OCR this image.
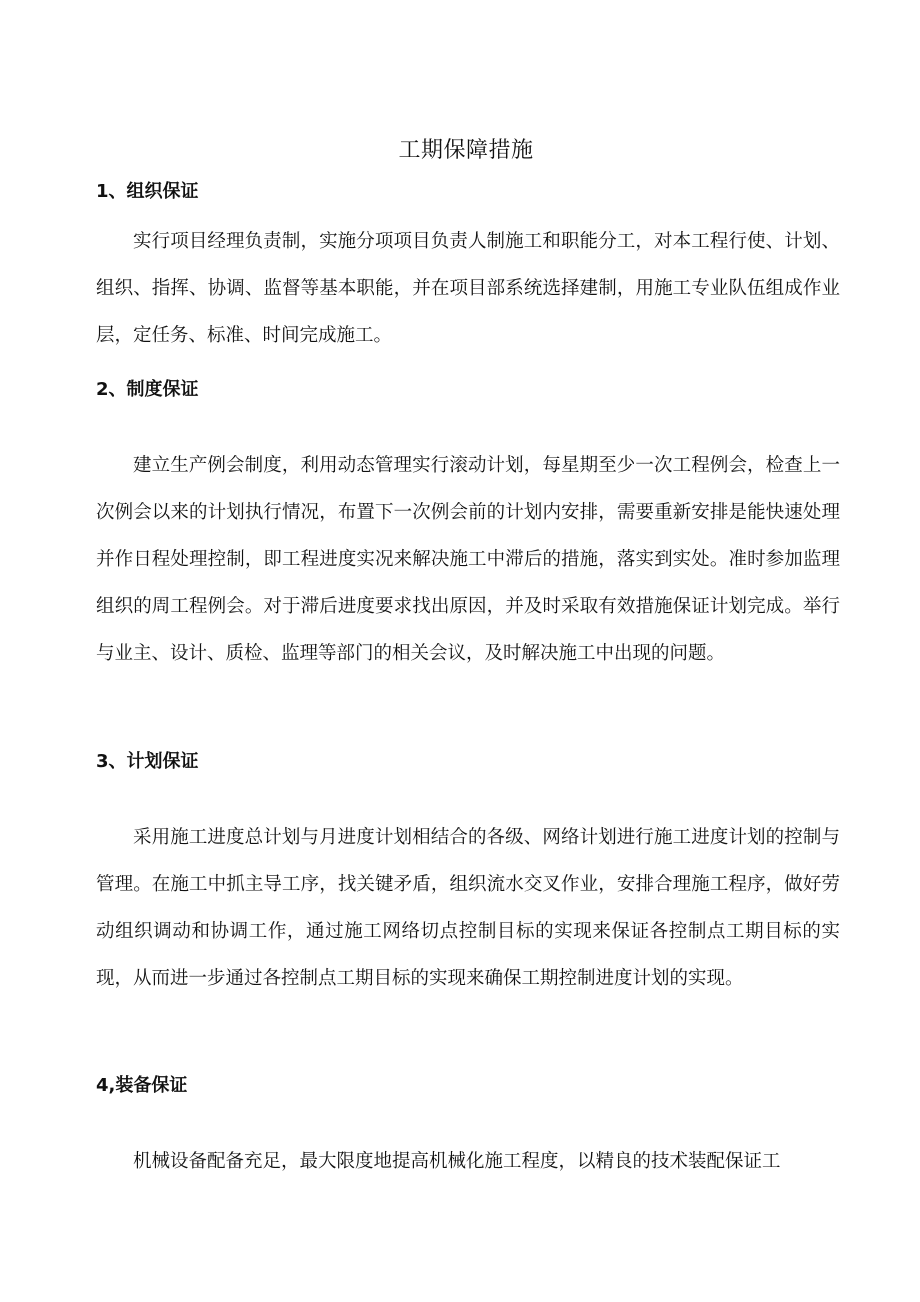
工期保障措施
1、组织保证

实行项目经理负责制，实施分项项目负责人制施工和职能分工，对本工程行使、计划、组织、指挥、协调、监督等基本职能，并在项目部系统选择建制，用施工专业队伍组成作业层，定任务、标准、时间完成施工。

2、制度保证

建立生产例会制度，利用动态管理实行滚动计划，每星期至少一次工程例会，检查上一次例会以来的计划执行情况，布置下一次例会前的计划内安排，需要重新安排是能快速处理并作日程处理控制，即工程进度实况来解决施工中滞后的措施，落实到实处。准时参加监理组织的周工程例会。对于滞后进度要求找出原因，并及时采取有效措施保证计划完成。举行与业主、设计、质检、监理等部门的相关会议，及时解决施工中出现的问题。

3、计划保证

采用施工进度总计划与月进度计划相结合的各级、网络计划进行施工进度计划的控制与管理。在施工中抓主导工序，找关键矛盾，组织流水交叉作业，安排合理施工程序，做好劳动组织调动和协调工作，通过施工网络切点控制目标的实现来保证各控制点工期目标的实现，从而进一步通过各控制点工期目标的实现来确保工期控制进度计划的实现。

4,装备保证

机械设备配备充足，最大限度地提高机械化施工程度，以精良的技术装配保证工
